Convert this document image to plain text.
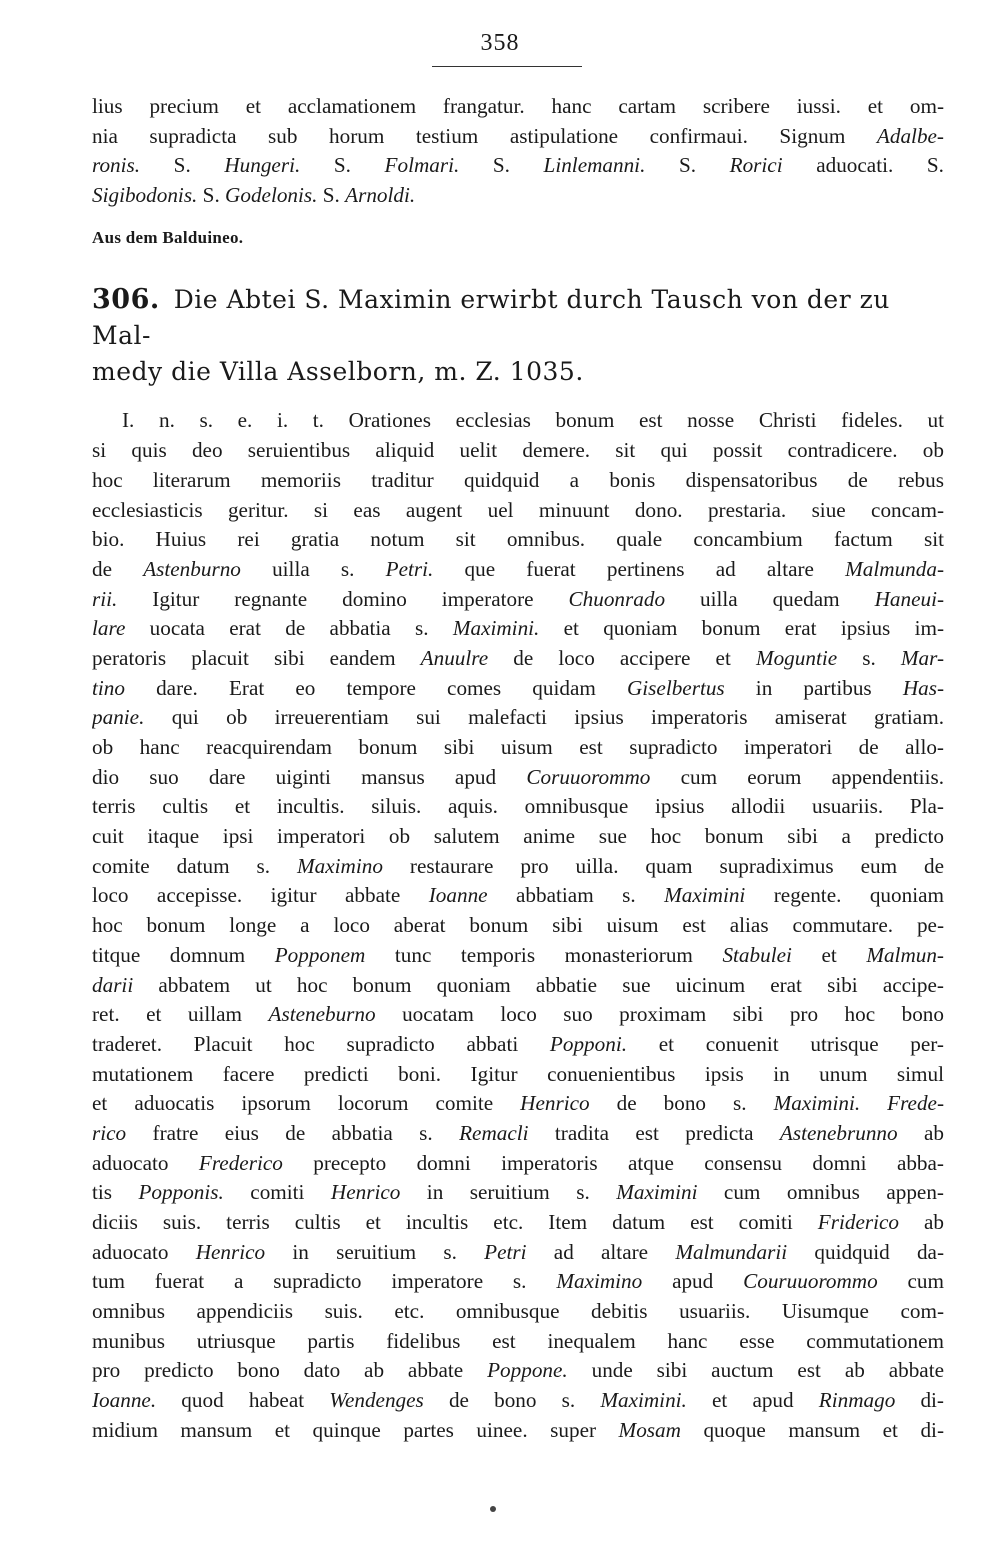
358
lius precium et acclamationem frangatur. hanc cartam scribere iussi. et om-
nia supradicta sub horum testium astipulatione confirmaui. Signum Adalbe-
ronis. S. Hungeri. S. Folmari. S. Linlemanni. S. Rorici aduocati. S.
Sigibodonis. S. Godelonis. S. Arnoldi.
Aus dem Balduineo.
306. Die Abtei S. Maximin erwirbt durch Tausch von der zu Mal-
medy die Villa Asselborn, m. Z. 1035.
I. n. s. e. i. t. Orationes ecclesias bonum est nosse Christi fideles. ut
si quis deo seruientibus aliquid uelit demere. sit qui possit contradicere. ob
hoc literarum memoriis traditur quidquid a bonis dispensatoribus de rebus
ecclesiasticis geritur. si eas augent uel minuunt dono. prestaria. siue concam-
bio. Huius rei gratia notum sit omnibus. quale concambium factum sit
de Astenburno uilla s. Petri. que fuerat pertinens ad altare Malmunda-
rii. Igitur regnante domino imperatore Chuonrado uilla quedam Haneui-
lare uocata erat de abbatia s. Maximini. et quoniam bonum erat ipsius im-
peratoris placuit sibi eandem Anuulre de loco accipere et Moguntie s. Mar-
tino dare. Erat eo tempore comes quidam Giselbertus in partibus Has-
panie. qui ob irreuerentiam sui malefacti ipsius imperatoris amiserat gratiam.
ob hanc reacquirendam bonum sibi uisum est supradicto imperatori de allo-
dio suo dare uiginti mansus apud Coruuorommo cum eorum appendentiis.
terris cultis et incultis. siluis. aquis. omnibusque ipsius allodii usuariis. Pla-
cuit itaque ipsi imperatori ob salutem anime sue hoc bonum sibi a predicto
comite datum s. Maximino restaurare pro uilla. quam supradiximus eum de
loco accepisse. igitur abbate Ioanne abbatiam s. Maximini regente. quoniam
hoc bonum longe a loco aberat bonum sibi uisum est alias commutare. pe-
titque domnum Popponem tunc temporis monasteriorum Stabulei et Malmun-
darii abbatem ut hoc bonum quoniam abbatie sue uicinum erat sibi accipe-
ret. et uillam Asteneburno uocatam loco suo proximam sibi pro hoc bono
traderet. Placuit hoc supradicto abbati Popponi. et conuenit utrisque per-
mutationem facere predicti boni. Igitur conuenientibus ipsis in unum simul
et aduocatis ipsorum locorum comite Henrico de bono s. Maximini. Frede-
rico fratre eius de abbatia s. Remacli tradita est predicta Astenebrunno ab
aduocato Frederico precepto domni imperatoris atque consensu domni abba-
tis Popponis. comiti Henrico in seruitium s. Maximini cum omnibus appen-
diciis suis. terris cultis et incultis etc. Item datum est comiti Friderico ab
aduocato Henrico in seruitium s. Petri ad altare Malmundarii quidquid da-
tum fuerat a supradicto imperatore s. Maximino apud Couruuorommo cum
omnibus appendiciis suis. etc. omnibusque debitis usuariis. Uisumque com-
munibus utriusque partis fidelibus est inequalem hanc esse commutationem
pro predicto bono dato ab abbate Poppone. unde sibi auctum est ab abbate
Ioanne. quod habeat Wendenges de bono s. Maximini. et apud Rinmago di-
midium mansum et quinque partes uinee. super Mosam quoque mansum et di-
